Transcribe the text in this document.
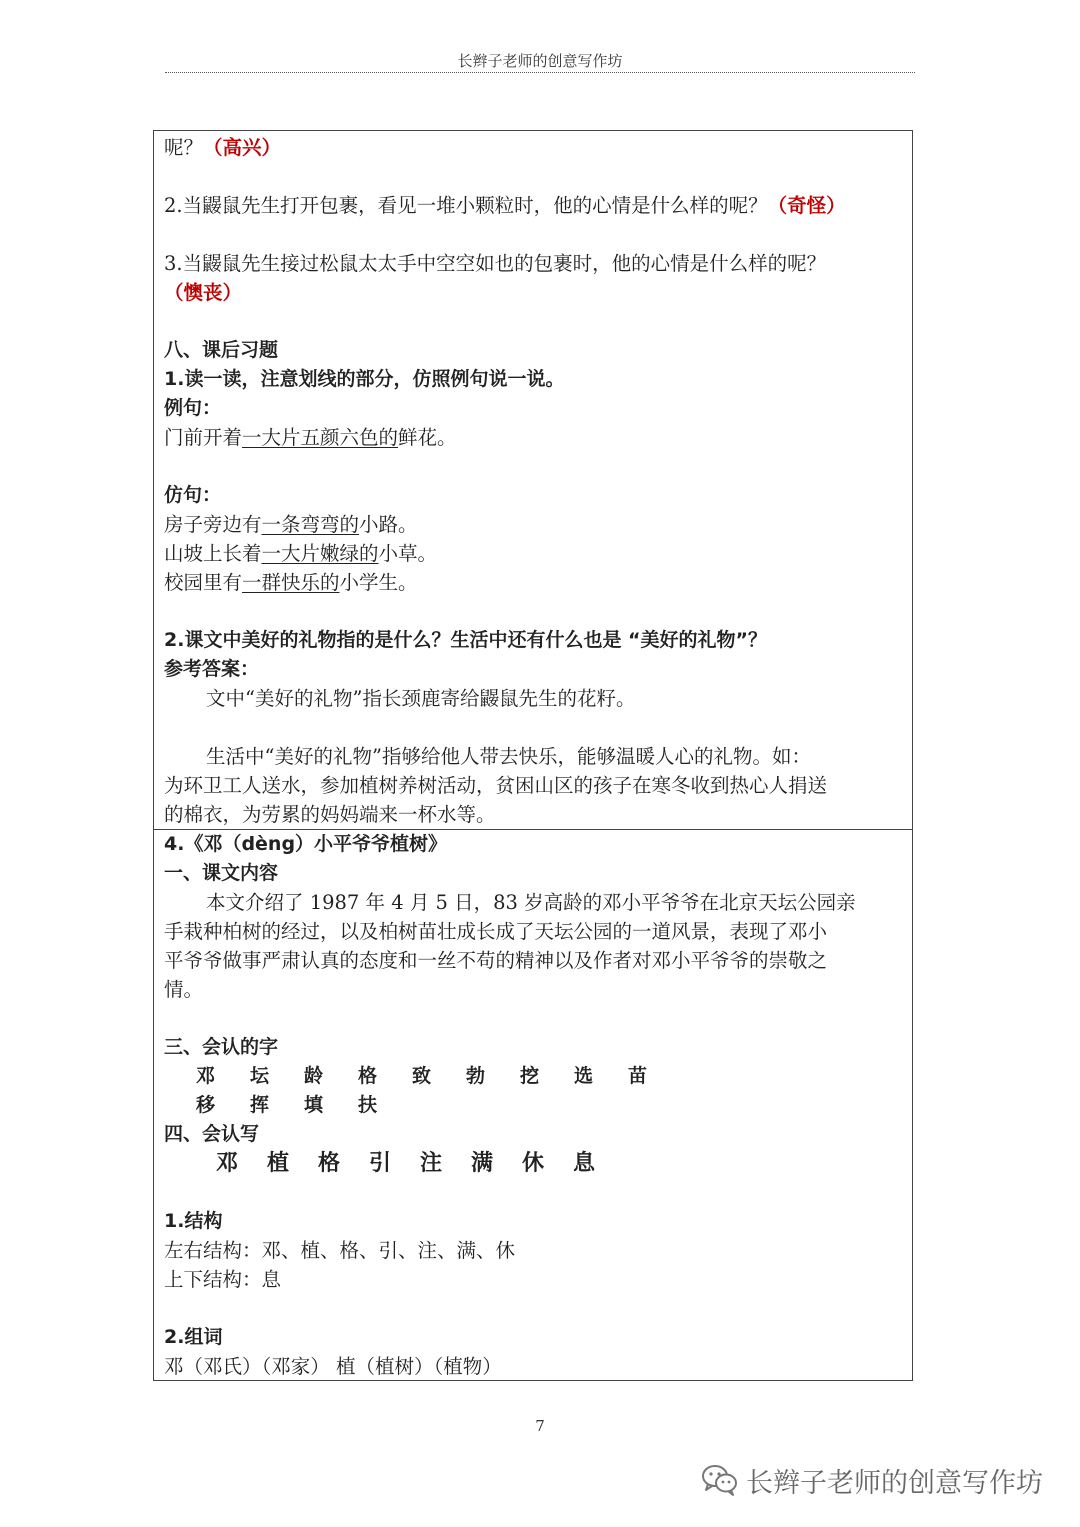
长辫子老师的创意写作坊
呢？（高兴）
2.当鼹鼠先生打开包裹，看见一堆小颗粒时，他的心情是什么样的呢？（奇怪）
3.当鼹鼠先生接过松鼠太太手中空空如也的包裹时，他的心情是什么样的呢？
（懊丧）
八、课后习题
1.读一读，注意划线的部分，仿照例句说一说。
例句：
门前开着一大片五颜六色的鲜花。
仿句：
房子旁边有一条弯弯的小路。
山坡上长着一大片嫩绿的小草。
校园里有一群快乐的小学生。
2.课文中美好的礼物指的是什么？生活中还有什么也是 “美好的礼物”？
参考答案：
文中“美好的礼物”指长颈鹿寄给鼹鼠先生的花籽。
生活中“美好的礼物”指够给他人带去快乐，能够温暖人心的礼物。如：
为环卫工人送水，参加植树养树活动，贫困山区的孩子在寒冬收到热心人捐送
的棉衣，为劳累的妈妈端来一杯水等。
4.《邓（dèng）小平爷爷植树》
一、课文内容
本文介绍了 1987 年 4 月 5 日，83 岁高龄的邓小平爷爷在北京天坛公园亲
手栽种柏树的经过，以及柏树苗壮成长成了天坛公园的一道风景，表现了邓小
平爷爷做事严肃认真的态度和一丝不苟的精神以及作者对邓小平爷爷的崇敬之
情。
三、会认的字
邓 坛 龄 格 致 勃 挖 选 苗
移 挥 填 扶
四、会认写
邓 植 格 引 注 满 休 息
1.结构
左右结构：邓、植、格、引、注、满、休
上下结构：息
2.组词
邓（邓氏）（邓家） 植（植树）（植物）
7
长辫子老师的创意写作坊
